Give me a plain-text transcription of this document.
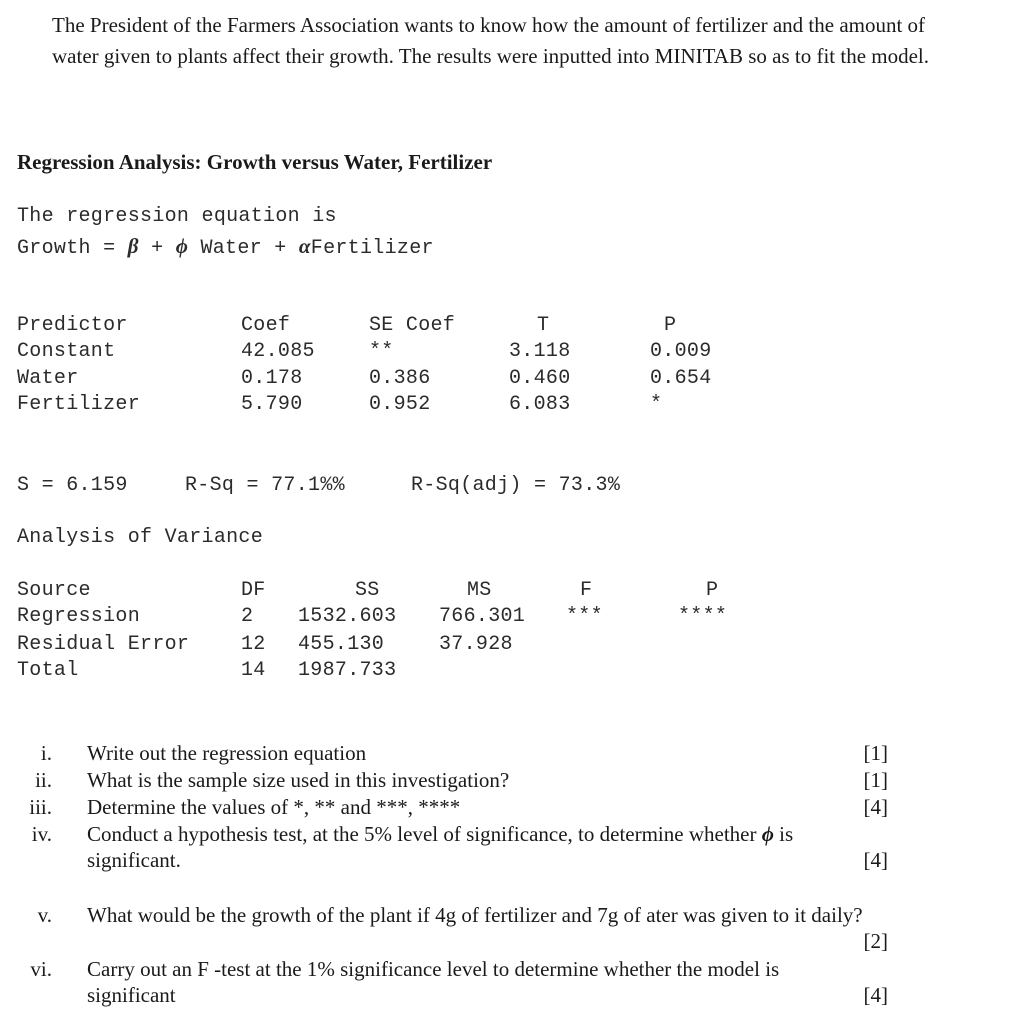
The President of the Farmers Association wants to know how the amount of fertilizer and the amount of water given to plants affect their growth. The results were inputted into MINITAB so as to fit the model.
Regression Analysis: Growth versus Water, Fertilizer
The regression equation is
Growth = β + ϕ Water + αFertilizer
Predictor	Coef	SE Coef	T	P
Constant	42.085	**	3.118	0.009
Water	0.178	0.386	0.460	0.654
Fertilizer	5.790	0.952	6.083	*
S = 6.159	R-Sq = 77.1%%	R-Sq(adj) = 73.3%
Analysis of Variance
Source	DF	SS	MS	F	P
Regression	2 1532.603 766.301 ***	****
Residual Error	12 455.130	37.928
Total	14 1987.733
i. Write out the regression equation	[1]
ii. What is the sample size used in this investigation?	[1]
iii. Determine the values of *, ** and ***, ****	[4]
iv. Conduct a hypothesis test, at the 5% level of significance, to determine whether ϕ is significant.	[4]
v. What would be the growth of the plant if 4g of fertilizer and 7g of ater was given to it daily?
[2]
vi. Carry out an F -test at the 1% significance level to determine whether the model is significant	[4]
